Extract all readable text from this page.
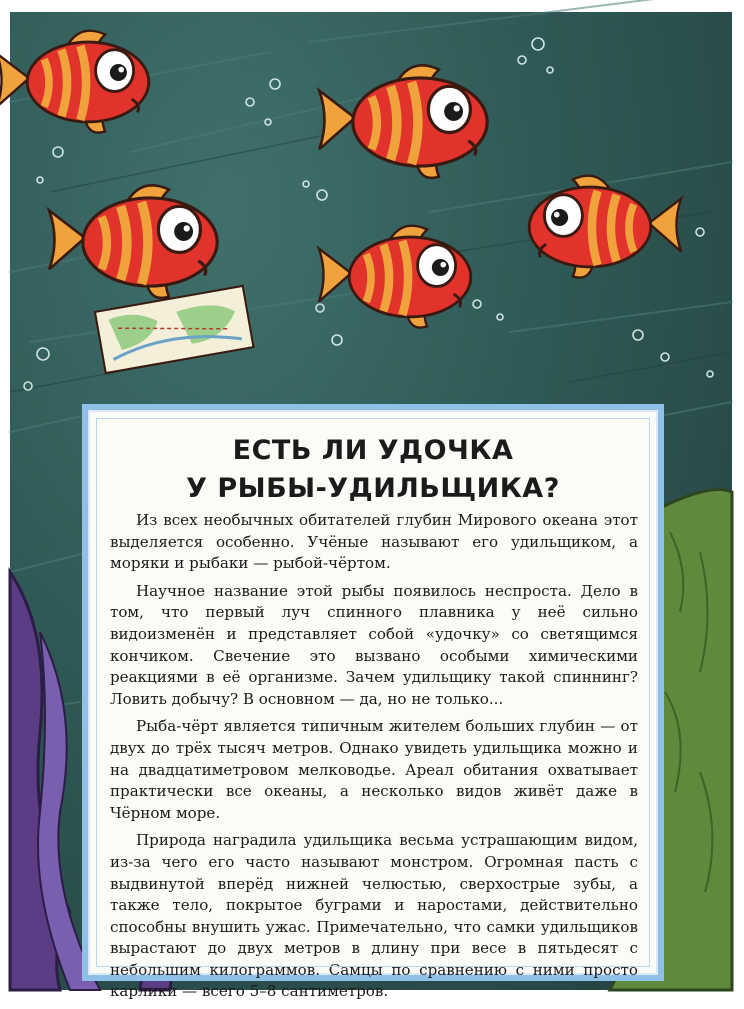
ЕСТЬ ЛИ УДОЧКА
У РЫБЫ-УДИЛЬЩИКА?

Из всех необычных обитателей глубин Мирового океана этот выделяется особенно. Учёные называют его удильщиком, а моряки и рыбаки — рыбой-чёртом.

Научное название этой рыбы появилось неспроста. Дело в том, что первый луч спинного плавника у неё сильно видоизменён и представляет собой «удочку» со светящимся кончиком. Свечение это вызвано особыми химическими реакциями в её организме. Зачем удильщику такой спиннинг? Ловить добычу? В основном — да, но не только...

Рыба-чёрт является типичным жителем больших глубин — от двух до трёх тысяч метров. Однако увидеть удильщика можно и на двадцатиметровом мелководье. Ареал обитания охватывает практически все океаны, а несколько видов живёт даже в Чёрном море.

Природа наградила удильщика весьма устрашающим видом, из-за чего его часто называют монстром. Огромная пасть с выдвинутой вперёд нижней челюстью, сверхострые зубы, а также тело, покрытое буграми и наростами, действительно способны внушить ужас. Примечательно, что самки удильщиков вырастают до двух метров в длину при весе в пятьдесят с небольшим килограммов. Самцы по сравнению с ними просто карлики — всего 5–8 сантиметров.
